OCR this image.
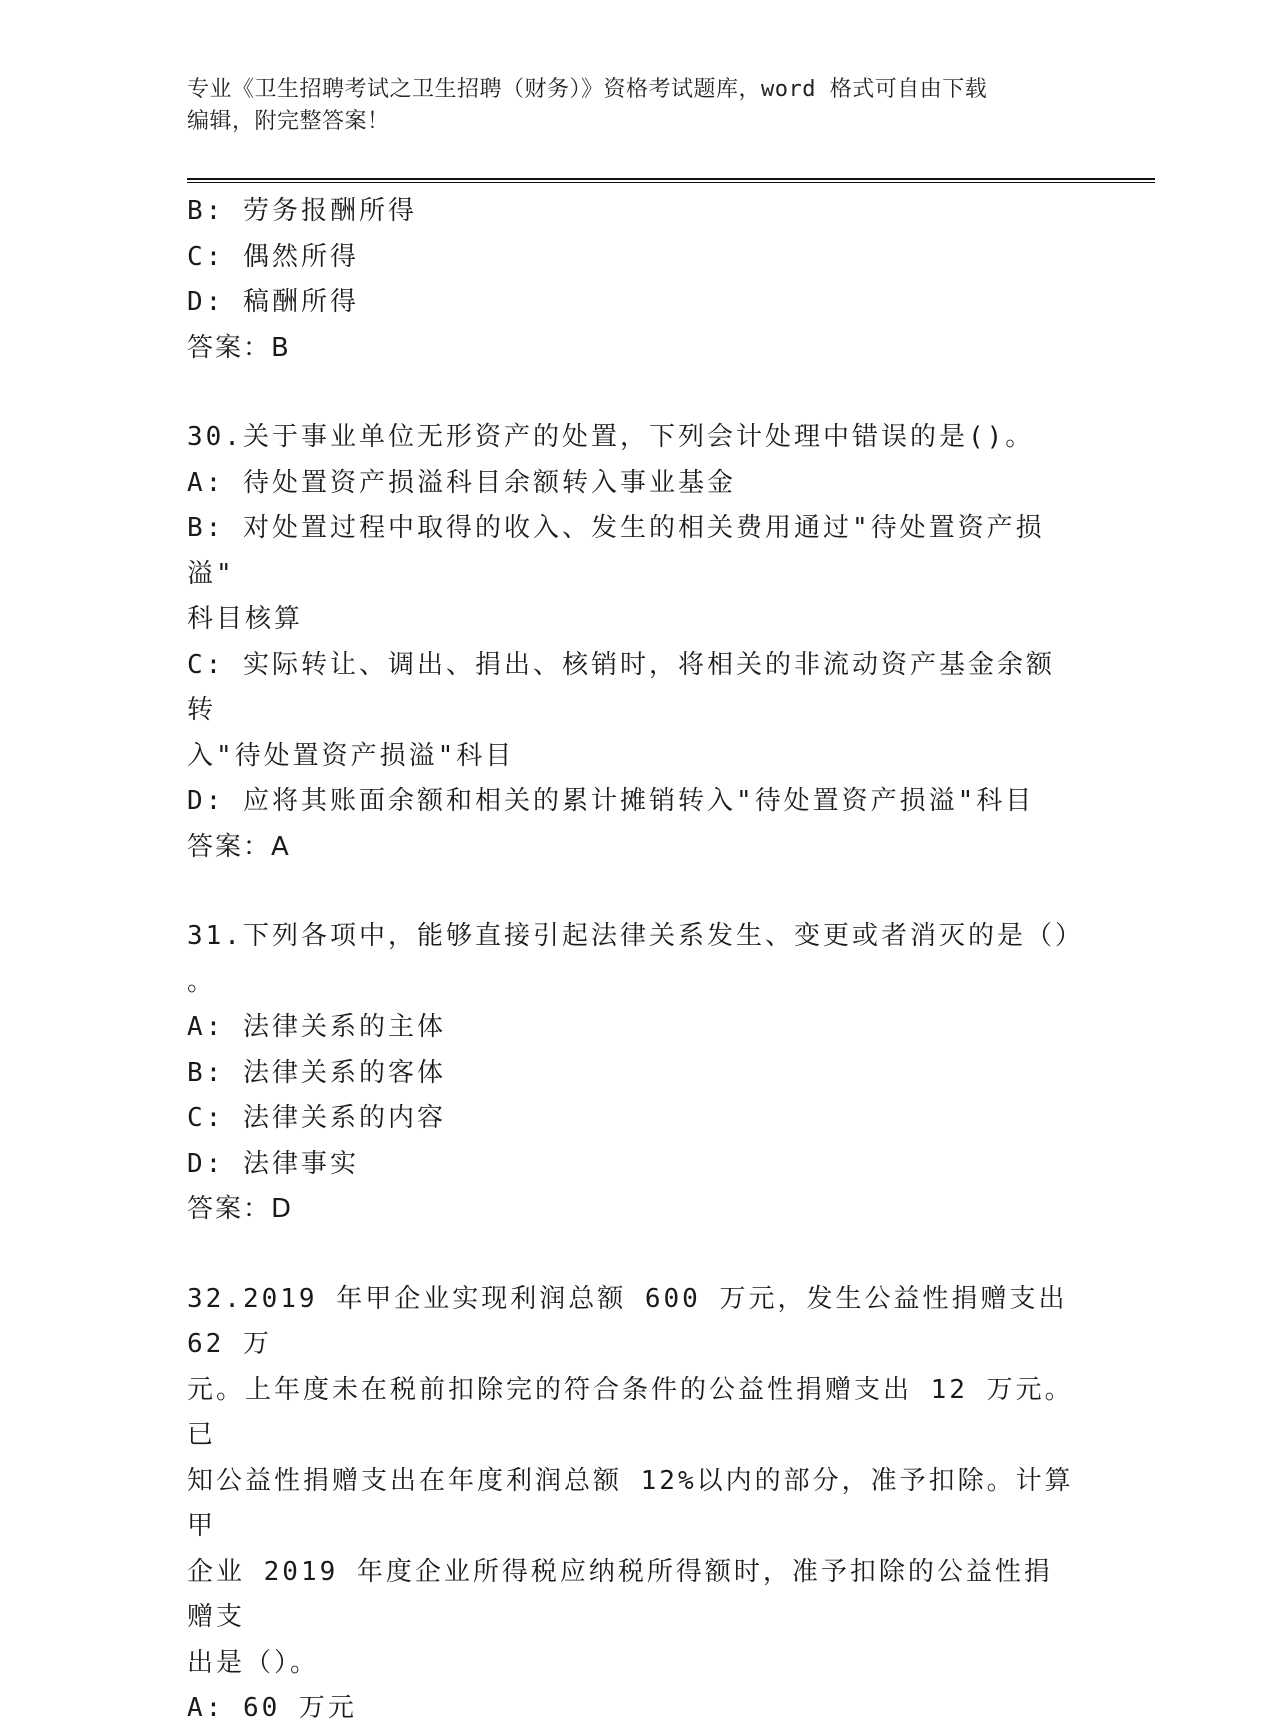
专业《卫生招聘考试之卫生招聘（财务）》资格考试题库，word 格式可自由下载
编辑，附完整答案！
B: 劳务报酬所得
C: 偶然所得
D: 稿酬所得
答案：B
30.关于事业单位无形资产的处置，下列会计处理中错误的是()。
A: 待处置资产损溢科目余额转入事业基金
B: 对处置过程中取得的收入、发生的相关费用通过"待处置资产损溢"
科目核算
C: 实际转让、调出、捐出、核销时，将相关的非流动资产基金余额转
入"待处置资产损溢"科目
D: 应将其账面余额和相关的累计摊销转入"待处置资产损溢"科目
答案：A
31.下列各项中，能够直接引起法律关系发生、变更或者消灭的是（）
。
A: 法律关系的主体
B: 法律关系的客体
C: 法律关系的内容
D: 法律事实
答案：D
32.2019 年甲企业实现利润总额 600 万元，发生公益性捐赠支出 62 万
元。上年度未在税前扣除完的符合条件的公益性捐赠支出 12 万元。已
知公益性捐赠支出在年度利润总额 12%以内的部分，准予扣除。计算甲
企业 2019 年度企业所得税应纳税所得额时，准予扣除的公益性捐赠支
出是（）。
A: 60 万元
